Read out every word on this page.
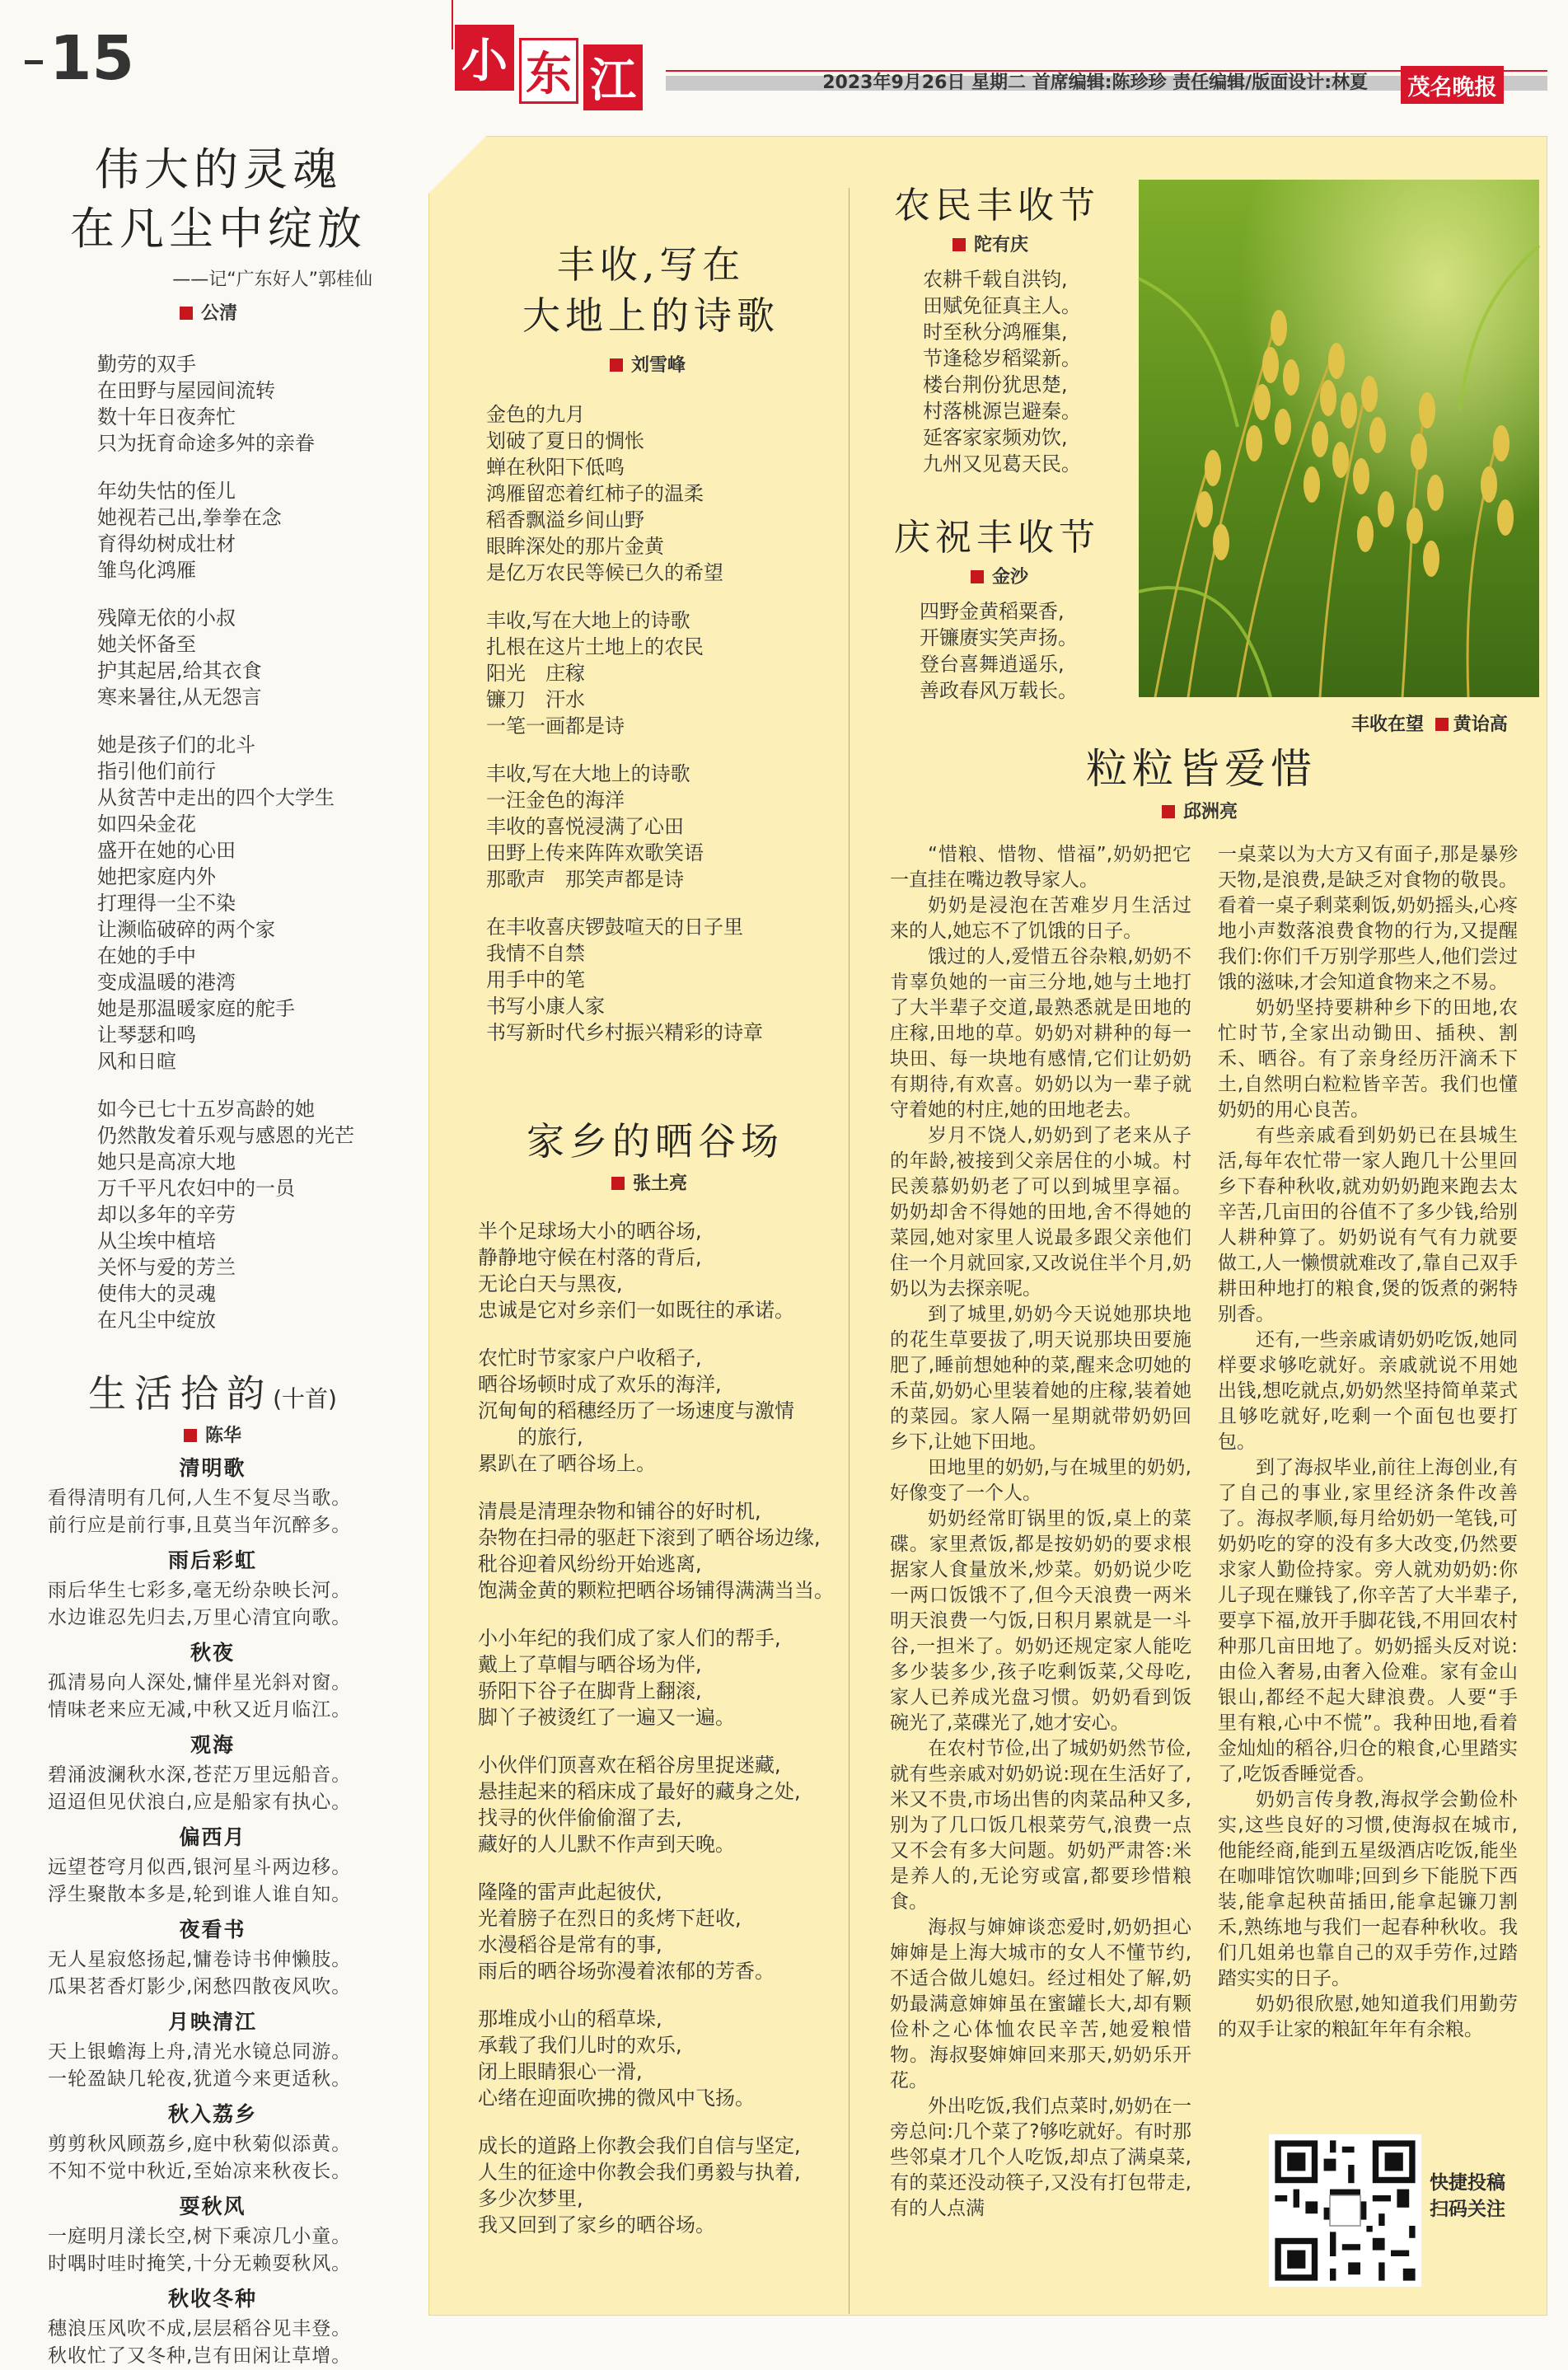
15	小 东 江	2023年9月26日 星期二 首席编辑:陈珍珍 责任编辑/版面设计:林夏	茂名晚报
伟大的灵魂
在凡尘中绽放
——记“广东好人”郭桂仙
公清

勤劳的双手

在田野与屋园间流转

数十年日夜奔忙

只为抚育命途多舛的亲眷

年幼失怙的侄儿

她视若己出,拳拳在念

育得幼树成壮材

雏鸟化鸿雁

残障无依的小叔

她关怀备至

护其起居,给其衣食

寒来暑往,从无怨言

她是孩子们的北斗

指引他们前行

从贫苦中走出的四个大学生

如四朵金花

盛开在她的心田

她把家庭内外

打理得一尘不染

让濒临破碎的两个家

在她的手中

变成温暖的港湾

她是那温暖家庭的舵手

让琴瑟和鸣

风和日暄

如今已七十五岁高龄的她

仍然散发着乐观与感恩的光芒

她只是高凉大地

万千平凡农妇中的一员

却以多年的辛劳

从尘埃中植培

关怀与爱的芳兰

使伟大的灵魂

在凡尘中绽放

生活拾韵(十首)
陈华
清明歌

看得清明有几何,人生不复尽当歌。

前行应是前行事,且莫当年沉醉多。

雨后彩虹

雨后华生七彩多,毫无纷杂映长河。

水边谁忍先归去,万里心清宜向歌。

秋夜

孤清易向人深处,慵伴星光斜对窗。

情味老来应无减,中秋又近月临江。

观海

碧涌波澜秋水深,苍茫万里远船音。

迢迢但见伏浪白,应是船家有执心。

偏西月

远望苍穹月似西,银河星斗两边移。

浮生聚散本多是,轮到谁人谁自知。

夜看书

无人星寂悠扬起,慵卷诗书伸懒肢。

瓜果茗香灯影少,闲愁四散夜风吹。

月映清江

天上银蟾海上舟,清光水镜总同游。

一轮盈缺几轮夜,犹道今来更适秋。

秋入荔乡

剪剪秋风顾荔乡,庭中秋菊似添黄。

不知不觉中秋近,至始凉来秋夜长。

耍秋风

一庭明月漾长空,树下乘凉几小童。

时喁时哇时掩笑,十分无赖耍秋风。

秋收冬种

穗浪压风吹不成,层层稻谷见丰登。

秋收忙了又冬种,岂有田闲让草增。

丰收,写在
大地上的诗歌
刘雪峰

金色的九月

划破了夏日的惆怅

蝉在秋阳下低鸣

鸿雁留恋着红柿子的温柔

稻香飘溢乡间山野

眼眸深处的那片金黄

是亿万农民等候已久的希望

丰收,写在大地上的诗歌

扎根在这片土地上的农民

阳光　庄稼

镰刀　汗水

一笔一画都是诗

丰收,写在大地上的诗歌

一汪金色的海洋

丰收的喜悦浸满了心田

田野上传来阵阵欢歌笑语

那歌声　那笑声都是诗

在丰收喜庆锣鼓喧天的日子里

我情不自禁

用手中的笔

书写小康人家

书写新时代乡村振兴精彩的诗章

家乡的晒谷场
张土亮

半个足球场大小的晒谷场,

静静地守候在村落的背后,

无论白天与黑夜,

忠诚是它对乡亲们一如既往的承诺。

农忙时节家家户户收稻子,

晒谷场顿时成了欢乐的海洋,

沉甸甸的稻穗经历了一场速度与激情

　　的旅行,

累趴在了晒谷场上。

清晨是清理杂物和铺谷的好时机,

杂物在扫帚的驱赶下滚到了晒谷场边缘,

秕谷迎着风纷纷开始逃离,

饱满金黄的颗粒把晒谷场铺得满满当当。

小小年纪的我们成了家人们的帮手,

戴上了草帽与晒谷场为伴,

骄阳下谷子在脚背上翻滚,

脚丫子被烫红了一遍又一遍。

小伙伴们顶喜欢在稻谷房里捉迷藏,

悬挂起来的稻床成了最好的藏身之处,

找寻的伙伴偷偷溜了去,

藏好的人儿默不作声到天晚。

隆隆的雷声此起彼伏,

光着膀子在烈日的炙烤下赶收,

水漫稻谷是常有的事,

雨后的晒谷场弥漫着浓郁的芳香。

那堆成小山的稻草垛,

承载了我们儿时的欢乐,

闭上眼睛狠心一滑,

心绪在迎面吹拂的微风中飞扬。

成长的道路上你教会我们自信与坚定,

人生的征途中你教会我们勇毅与执着,

多少次梦里,

我又回到了家乡的晒谷场。

农民丰收节
陀有庆

农耕千载自洪钧,

田赋免征真主人。

时至秋分鸿雁集,

节逢稔岁稻粱新。

楼台荆份犹思楚,

村落桃源岂避秦。

延客家家频劝饮,

九州又见葛天民。

庆祝丰收节
金沙

四野金黄稻粟香,

开镰赓实笑声扬。

登台喜舞逍遥乐,

善政春风万载长。

丰收在望 黄诒高
粒粒皆爱惜
邱洲亮

“惜粮、惜物、惜福”,奶奶把它一直挂在嘴边教导家人。

奶奶是浸泡在苦难岁月生活过来的人,她忘不了饥饿的日子。

饿过的人,爱惜五谷杂粮,奶奶不肯辜负她的一亩三分地,她与土地打了大半辈子交道,最熟悉就是田地的庄稼,田地的草。奶奶对耕种的每一块田、每一块地有感情,它们让奶奶有期待,有欢喜。奶奶以为一辈子就守着她的村庄,她的田地老去。

岁月不饶人,奶奶到了老来从子的年龄,被接到父亲居住的小城。村民羡慕奶奶老了可以到城里享福。奶奶却舍不得她的田地,舍不得她的菜园,她对家里人说最多跟父亲他们住一个月就回家,又改说住半个月,奶奶以为去探亲呢。

到了城里,奶奶今天说她那块地的花生草要拔了,明天说那块田要施肥了,睡前想她种的菜,醒来念叨她的禾苗,奶奶心里装着她的庄稼,装着她的菜园。家人隔一星期就带奶奶回乡下,让她下田地。

田地里的奶奶,与在城里的奶奶,好像变了一个人。

奶奶经常盯锅里的饭,桌上的菜碟。家里煮饭,都是按奶奶的要求根据家人食量放米,炒菜。奶奶说少吃一两口饭饿不了,但今天浪费一两米明天浪费一勺饭,日积月累就是一斗谷,一担米了。奶奶还规定家人能吃多少装多少,孩子吃剩饭菜,父母吃,家人已养成光盘习惯。奶奶看到饭碗光了,菜碟光了,她才安心。

在农村节俭,出了城奶奶然节俭,就有些亲戚对奶奶说:现在生活好了,米又不贵,市场出售的肉菜品种又多,别为了几口饭几根菜劳气,浪费一点又不会有多大问题。奶奶严肃答:米是养人的,无论穷或富,都要珍惜粮食。

海叔与婶婶谈恋爱时,奶奶担心婶婶是上海大城市的女人不懂节约,不适合做儿媳妇。经过相处了解,奶奶最满意婶婶虽在蜜罐长大,却有颗俭朴之心体恤农民辛苦,她爱粮惜物。海叔娶婶婶回来那天,奶奶乐开花。

外出吃饭,我们点菜时,奶奶在一旁总问:几个菜了?够吃就好。有时那些邻桌才几个人吃饭,却点了满桌菜,有的菜还没动筷子,又没有打包带走,有的人点满

一桌菜以为大方又有面子,那是暴殄天物,是浪费,是缺乏对食物的敬畏。看着一桌子剩菜剩饭,奶奶摇头,心疼地小声数落浪费食物的行为,又提醒我们:你们千万别学那些人,他们尝过饿的滋味,才会知道食物来之不易。

奶奶坚持要耕种乡下的田地,农忙时节,全家出动锄田、插秧、割禾、晒谷。有了亲身经历汗滴禾下土,自然明白粒粒皆辛苦。我们也懂奶奶的用心良苦。

有些亲戚看到奶奶已在县城生活,每年农忙带一家人跑几十公里回乡下春种秋收,就劝奶奶跑来跑去太辛苦,几亩田的谷值不了多少钱,给别人耕种算了。奶奶说有气有力就要做工,人一懒惯就难改了,靠自己双手耕田种地打的粮食,煲的饭煮的粥特别香。

还有,一些亲戚请奶奶吃饭,她同样要求够吃就好。亲戚就说不用她出钱,想吃就点,奶奶然坚持简单菜式且够吃就好,吃剩一个面包也要打包。

到了海叔毕业,前往上海创业,有了自己的事业,家里经济条件改善了。海叔孝顺,每月给奶奶一笔钱,可奶奶吃的穿的没有多大改变,仍然要求家人勤俭持家。旁人就劝奶奶:你儿子现在赚钱了,你辛苦了大半辈子,要享下福,放开手脚花钱,不用回农村种那几亩田地了。奶奶摇头反对说:由俭入奢易,由奢入俭难。家有金山银山,都经不起大肆浪费。人要“手里有粮,心中不慌”。我种田地,看着金灿灿的稻谷,归仓的粮食,心里踏实了,吃饭香睡觉香。

奶奶言传身教,海叔学会勤俭朴实,这些良好的习惯,使海叔在城市,他能经商,能到五星级酒店吃饭,能坐在咖啡馆饮咖啡;回到乡下能脱下西装,能拿起秧苗插田,能拿起镰刀割禾,熟练地与我们一起春种秋收。我们几姐弟也靠自己的双手劳作,过踏踏实实的日子。

奶奶很欣慰,她知道我们用勤劳的双手让家的粮缸年年有余粮。

快捷投稿
扫码关注
